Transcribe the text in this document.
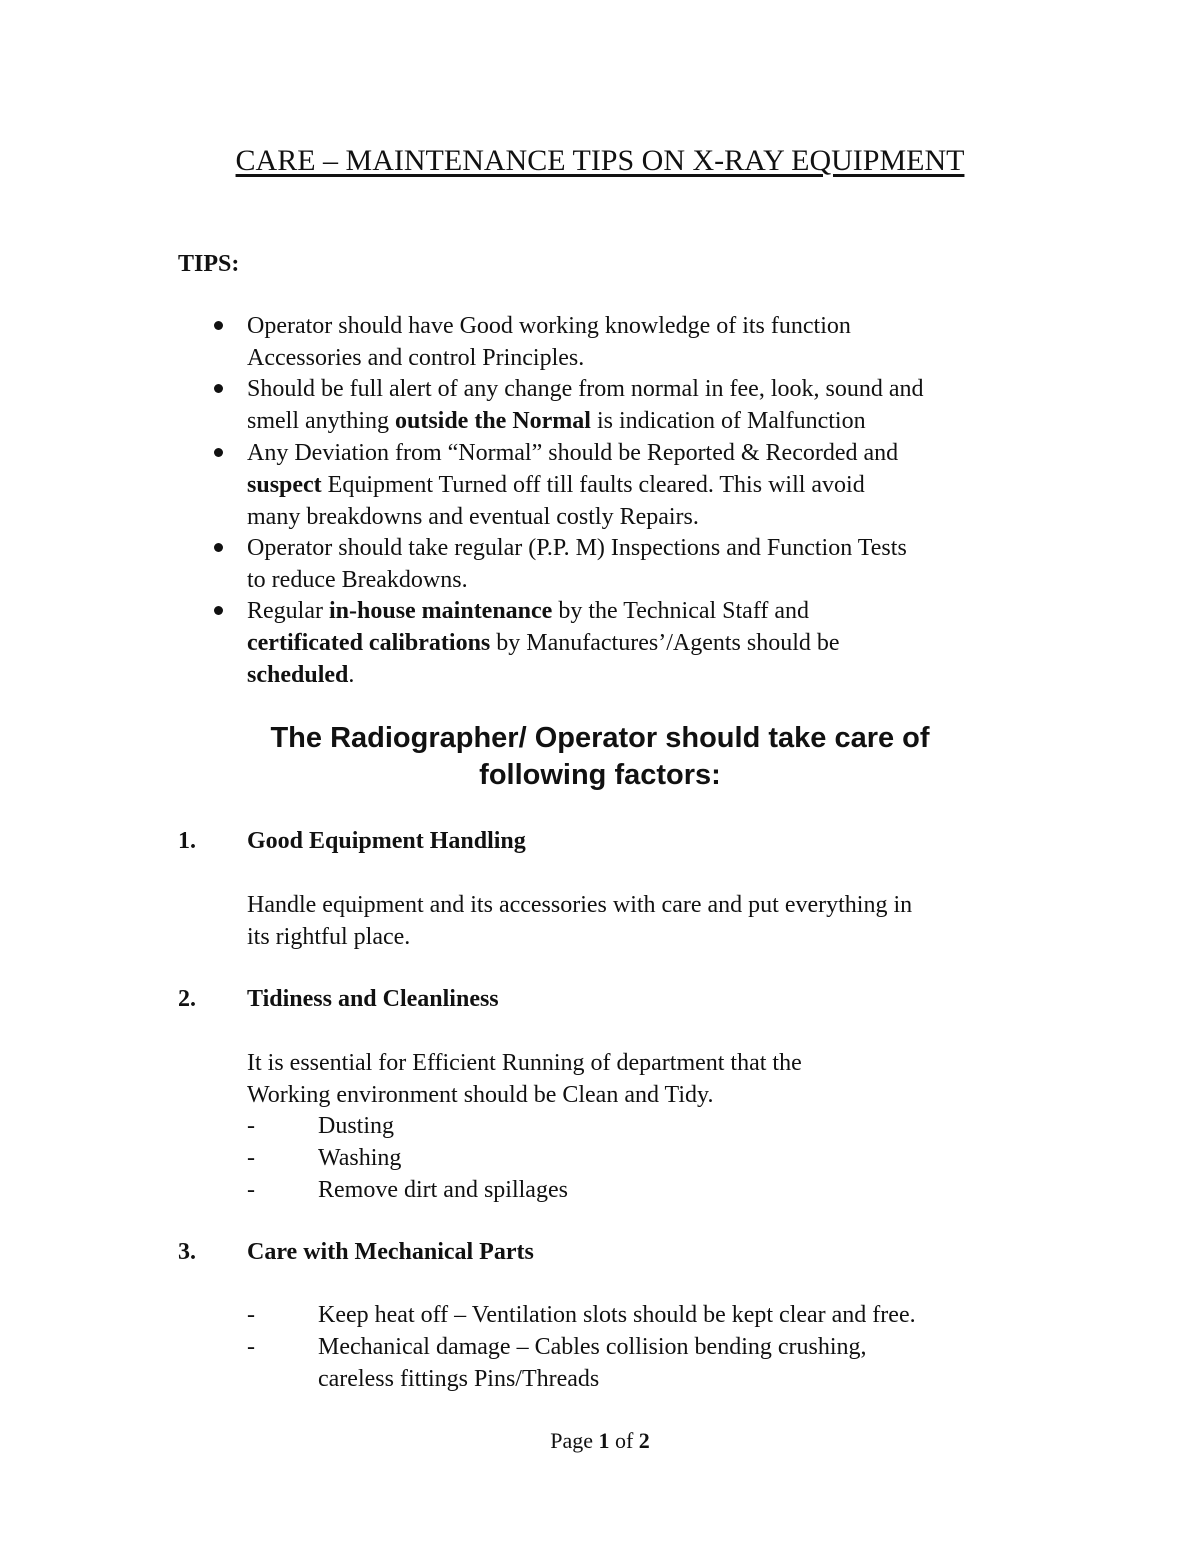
CARE – MAINTENANCE TIPS ON X-RAY EQUIPMENT
TIPS:
Operator should have Good working knowledge of its function
Accessories and control Principles.
Should be full alert of any change from normal in fee, look, sound and
smell anything outside the Normal is indication of Malfunction
Any Deviation from “Normal” should be Reported & Recorded and
suspect Equipment Turned off till faults cleared. This will avoid
many breakdowns and eventual costly Repairs.
Operator should take regular (P.P. M) Inspections and Function Tests
to reduce Breakdowns.
Regular in-house maintenance by the Technical Staff and
certificated calibrations by Manufactures’/Agents should be
scheduled.
The Radiographer/ Operator should take care of
following factors:
1. Good Equipment Handling
Handle equipment and its accessories with care and put everything in
its rightful place.
2. Tidiness and Cleanliness
It is essential for Efficient Running of department that the
Working environment should be Clean and Tidy.
-	Dusting
-	Washing
-	Remove dirt and spillages
3. Care with Mechanical Parts
-	Keep heat off – Ventilation slots should be kept clear and free.
-	Mechanical damage – Cables collision bending crushing,
careless fittings Pins/Threads
Page 1 of 2
